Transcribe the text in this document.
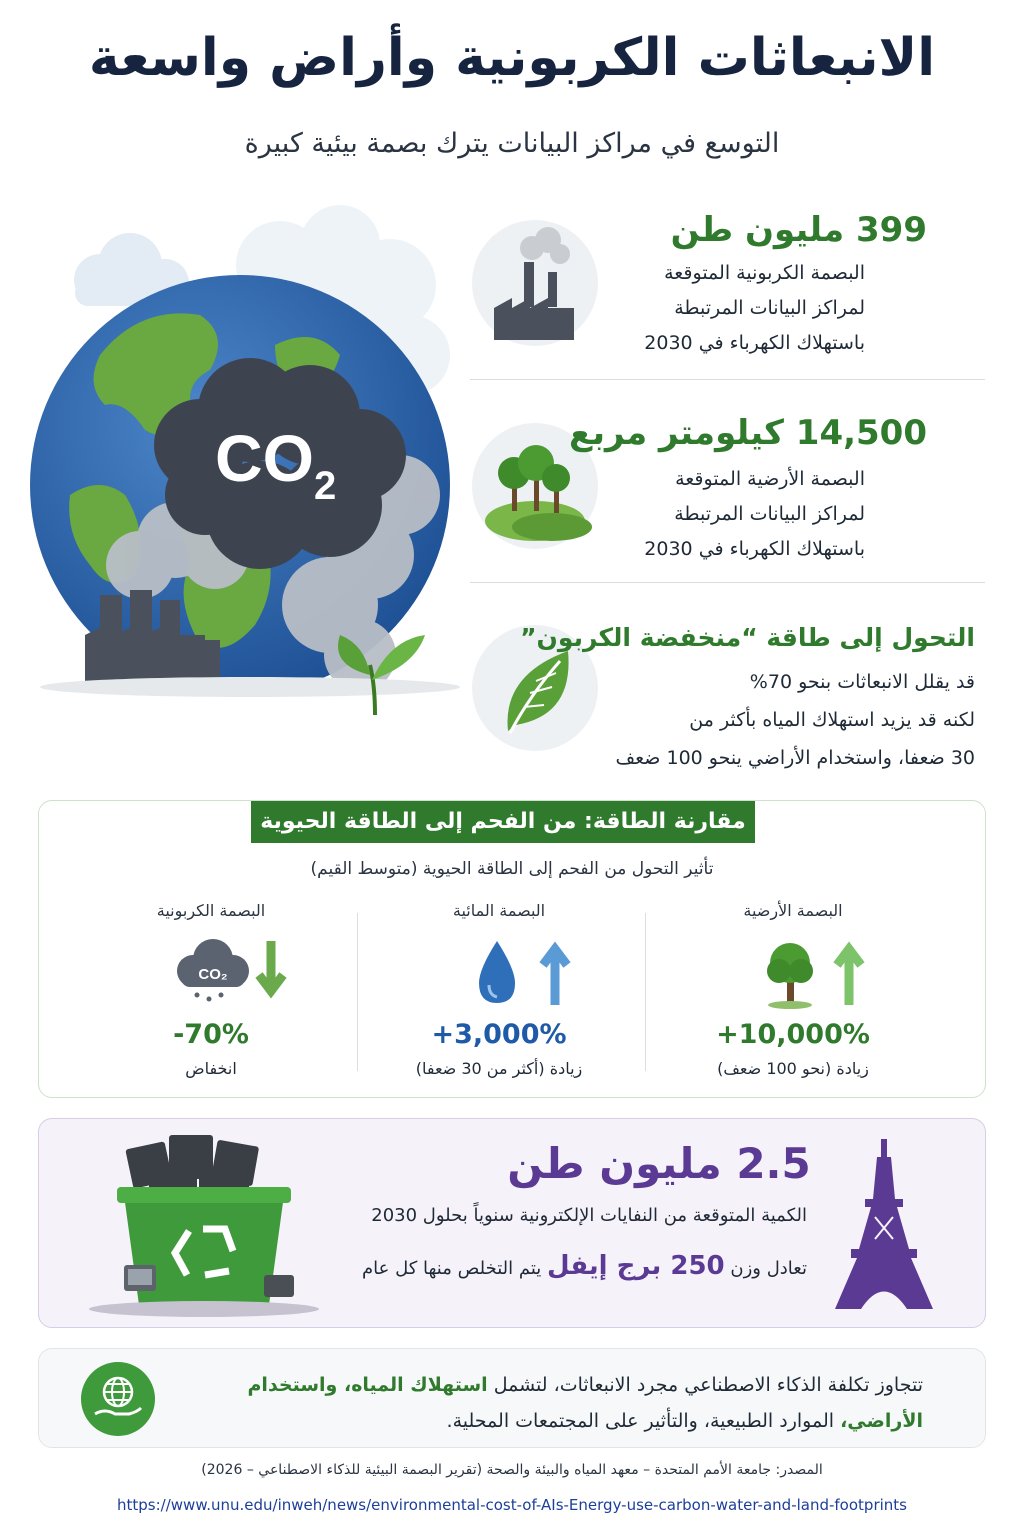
الانبعاثات الكربونية وأراض واسعة
التوسع في مراكز البيانات يترك بصمة بيئية كبيرة
$CO_2$
399 مليون طن
البصمة الكربونية المتوقعة
لمراكز البيانات المرتبطة
باستهلاك الكهرباء في 2030
14,500 كيلومتر مربع
البصمة الأرضية المتوقعة
لمراكز البيانات المرتبطة
باستهلاك الكهرباء في 2030
التحول إلى طاقة “منخفضة الكربون”
قد يقلل الانبعاثات بنحو 70%
لكنه قد يزيد استهلاك المياه بأكثر من
30 ضعفا، واستخدام الأراضي ينحو 100 ضعف
مقارنة الطاقة: من الفحم إلى الطاقة الحيوية
تأثير التحول من الفحم إلى الطاقة الحيوية (متوسط القيم)
البصمة الكربونية
CO₂
-70%
انخفاض
البصمة المائية
+3,000%
زيادة (أكثر من 30 ضعفا)
البصمة الأرضية
+10,000%
زيادة (نحو 100 ضعف)
2.5 مليون طن
الكمية المتوقعة من النفايات الإلكترونية سنوياً بحلول 2030
تعادل وزن 250 برج إيفل يتم التخلص منها كل عام
تتجاوز تكلفة الذكاء الاصطناعي مجرد الانبعاثات، لتشمل استهلاك المياه، واستخدام الأراضي، الموارد الطبيعية، والتأثير على المجتمعات المحلية.
المصدر: جامعة الأمم المتحدة – معهد المياه والبيئة والصحة (تقرير البصمة البيئية للذكاء الاصطناعي – 2026)
https://www.unu.edu/inweh/news/environmental-cost-of-AIs-Energy-use-carbon-water-and-land-footprints
